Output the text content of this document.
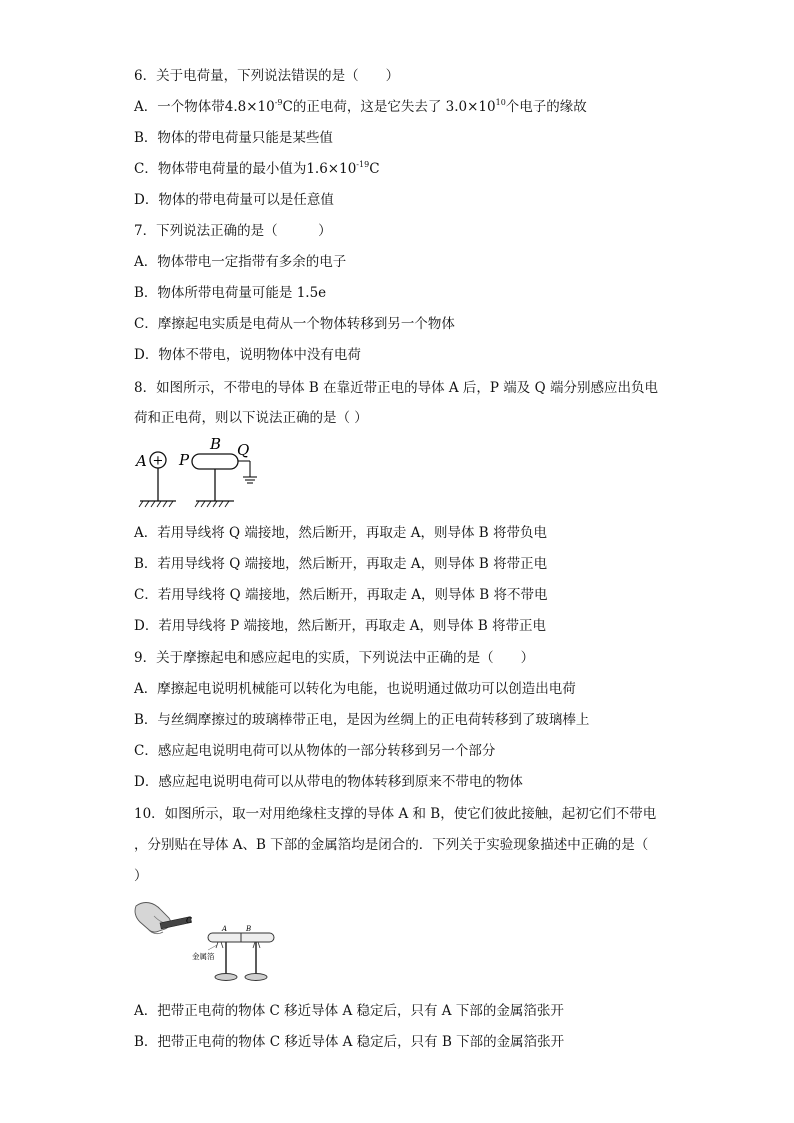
6．关于电荷量，下列说法错误的是（　　）
A．一个物体带$4.8\times 10^{-9}C$的正电荷，这是它失去了 $3.0\times 10^{10}$个电子的缘故
B．物体的带电荷量只能是某些值
C．物体带电荷量的最小值为$1.6\times 10^{-19}C$
D．物体的带电荷量可以是任意值
7．下列说法正确的是（　　　）
A．物体带电一定指带有多余的电子
B．物体所带电荷量可能是 1.5e
C．摩擦起电实质是电荷从一个物体转移到另一个物体
D．物体不带电，说明物体中没有电荷
8．如图所示，不带电的导体 B 在靠近带正电的导体 A 后，P 端及 Q 端分别感应出负电
荷和正电荷，则以下说法正确的是（ ）
+
A P
B Q
A．若用导线将 Q 端接地，然后断开，再取走 A，则导体 B 将带负电
B．若用导线将 Q 端接地，然后断开，再取走 A，则导体 B 将带正电
C．若用导线将 Q 端接地，然后断开，再取走 A，则导体 B 将不带电
D．若用导线将 P 端接地，然后断开，再取走 A，则导体 B 将带正电
9．关于摩擦起电和感应起电的实质，下列说法中正确的是（　　）
A．摩擦起电说明机械能可以转化为电能，也说明通过做功可以创造出电荷
B．与丝绸摩擦过的玻璃棒带正电，是因为丝绸上的正电荷转移到了玻璃棒上
C．感应起电说明电荷可以从物体的一部分转移到另一个部分
D．感应起电说明电荷可以从带电的物体转移到原来不带电的物体
10．如图所示，取一对用绝缘柱支撑的导体 A 和 B，使它们彼此接触，起初它们不带电
，分别贴在导体 A、B 下部的金属箔均是闭合的．下列关于实验现象描述中正确的是（
）
C
A	B
金属箔
A．把带正电荷的物体 C 移近导体 A 稳定后，只有 A 下部的金属箔张开
B．把带正电荷的物体 C 移近导体 A 稳定后，只有 B 下部的金属箔张开
